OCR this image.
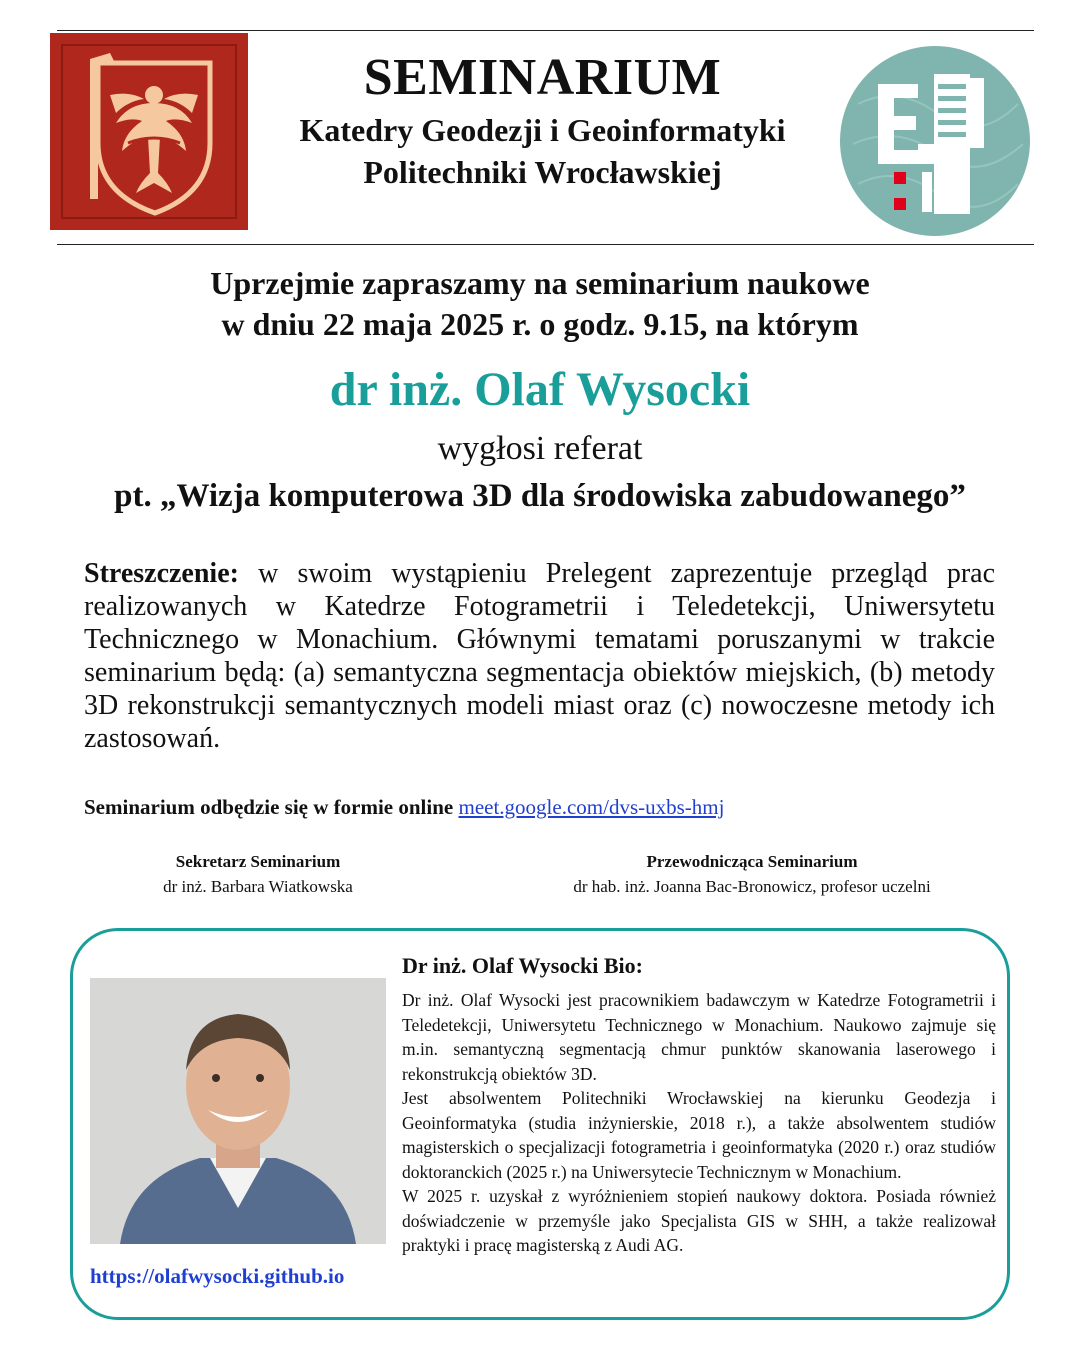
SEMINARIUM
Katedry Geodezji i Geoinformatyki
Politechniki Wrocławskiej
Uprzejmie zapraszamy na seminarium naukowe
w dniu 22 maja 2025 r. o godz. 9.15, na którym
dr inż. Olaf Wysocki
wygłosi referat
pt. „Wizja komputerowa 3D dla środowiska zabudowanego”
Streszczenie: w swoim wystąpieniu Prelegent zaprezentuje przegląd prac realizowanych w Katedrze Fotogrametrii i Teledetekcji, Uniwersytetu Technicznego w Monachium. Głównymi tematami poruszanymi w trakcie seminarium będą: (a) semantyczna segmentacja obiektów miejskich, (b) metody 3D rekonstrukcji semantycznych modeli miast oraz (c) nowoczesne metody ich zastosowań.
Seminarium odbędzie się w formie online meet.google.com/dvs-uxbs-hmj
Sekretarz Seminarium
dr inż. Barbara Wiatkowska
Przewodnicząca Seminarium
dr hab. inż. Joanna Bac-Bronowicz, profesor uczelni
https://olafwysocki.github.io
Dr inż. Olaf Wysocki Bio:

Dr inż. Olaf Wysocki jest pracownikiem badawczym w Katedrze Fotogrametrii i Teledetekcji, Uniwersytetu Technicznego w Monachium. Naukowo zajmuje się m.in. semantyczną segmentacją chmur punktów skanowania laserowego i rekonstrukcją obiektów 3D.

Jest absolwentem Politechniki Wrocławskiej na kierunku Geodezja i Geoinformatyka (studia inżynierskie, 2018 r.), a także absolwentem studiów magisterskich o specjalizacji fotogrametria i geoinformatyka (2020 r.) oraz studiów doktoranckich (2025 r.) na Uniwersytecie Technicznym w Monachium.

W 2025 r. uzyskał z wyróżnieniem stopień naukowy doktora. Posiada również doświadczenie w przemyśle jako Specjalista GIS w SHH, a także realizował praktyki i pracę magisterską z Audi AG.
